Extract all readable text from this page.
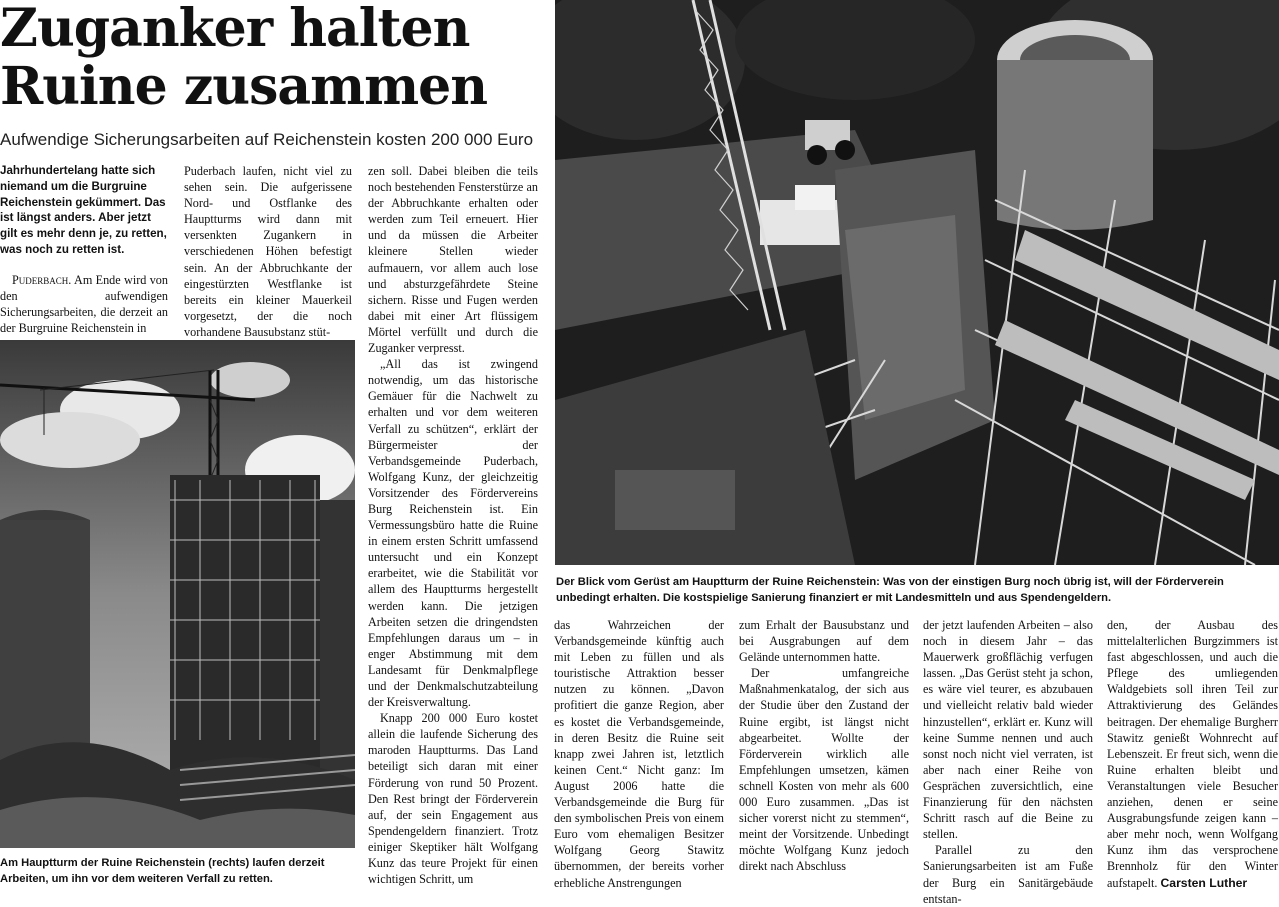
Zuganker halten
Ruine zusammen

Aufwendige Sicherungsarbeiten auf Reichenstein kosten 200 000 Euro

Jahrhundertelang hatte sich niemand um die Burgruine Reichenstein gekümmert. Das ist längst anders. Aber jetzt gilt es mehr denn je, zu retten, was noch zu retten ist.

Puderbach. Am Ende wird von den aufwendigen Sicherungsarbeiten, die derzeit an der Burgruine Reichenstein in

Puderbach laufen, nicht viel zu sehen sein. Die aufgerissene Nord- und Ostflanke des Hauptturms wird dann mit versenkten Zugankern in verschiedenen Höhen befestigt sein. An der Abbruchkante der eingestürzten Westflanke ist bereits ein kleiner Mauerkeil vorgesetzt, der die noch vorhandene Bausubstanz stüt-

zen soll. Dabei bleiben die teils noch bestehenden Fensterstürze an der Abbruchkante erhalten oder werden zum Teil erneuert. Hier und da müssen die Arbeiter kleinere Stellen wieder aufmauern, vor allem auch lose und absturzgefährdete Steine sichern. Risse und Fugen werden dabei mit einer Art flüssigem Mörtel verfüllt und durch die Zuganker verpresst.

„All das ist zwingend notwendig, um das historische Gemäuer für die Nachwelt zu erhalten und vor dem weiteren Verfall zu schützen“, erklärt der Bürgermeister der Verbandsgemeinde Puderbach, Wolfgang Kunz, der gleichzeitig Vorsitzender des Fördervereins Burg Reichenstein ist. Ein Vermessungsbüro hatte die Ruine in einem ersten Schritt umfassend untersucht und ein Konzept erarbeitet, wie die Stabilität vor allem des Hauptturms hergestellt werden kann. Die jetzigen Arbeiten setzen die dringendsten Empfehlungen daraus um – in enger Abstimmung mit dem Landesamt für Denkmalpflege und der Denkmalschutzabteilung der Kreisverwaltung.

Knapp 200 000 Euro kostet allein die laufende Sicherung des maroden Hauptturms. Das Land beteiligt sich daran mit einer Förderung von rund 50 Prozent. Den Rest bringt der Förderverein auf, der sein Engagement aus Spendengeldern finanziert. Trotz einiger Skeptiker hält Wolfgang Kunz das teure Projekt für einen wichtigen Schritt, um

Am Hauptturm der Ruine Reichenstein (rechts) laufen derzeit Arbeiten, um ihn vor dem weiteren Verfall zu retten.

Der Blick vom Gerüst am Hauptturm der Ruine Reichenstein: Was von der einstigen Burg noch übrig ist, will der Förderverein unbedingt erhalten. Die kostspielige Sanierung finanziert er mit Landesmitteln und aus Spendengeldern.

das Wahrzeichen der Verbandsgemeinde künftig auch mit Leben zu füllen und als touristische Attraktion besser nutzen zu können. „Davon profitiert die ganze Region, aber es kostet die Verbandsgemeinde, in deren Besitz die Ruine seit knapp zwei Jahren ist, letztlich keinen Cent.“ Nicht ganz: Im August 2006 hatte die Verbandsgemeinde die Burg für den symbolischen Preis von einem Euro vom ehemaligen Besitzer Wolfgang Georg Stawitz übernommen, der bereits vorher erhebliche Anstrengungen

zum Erhalt der Bausubstanz und bei Ausgrabungen auf dem Gelände unternommen hatte.

Der umfangreiche Maßnahmenkatalog, der sich aus der Studie über den Zustand der Ruine ergibt, ist längst nicht abgearbeitet. Wollte der Förderverein wirklich alle Empfehlungen umsetzen, kämen schnell Kosten von mehr als 600 000 Euro zusammen. „Das ist sicher vorerst nicht zu stemmen“, meint der Vorsitzende. Unbedingt möchte Wolfgang Kunz jedoch direkt nach Abschluss

der jetzt laufenden Arbeiten – also noch in diesem Jahr – das Mauerwerk großflächig verfugen lassen. „Das Gerüst steht ja schon, es wäre viel teurer, es abzubauen und vielleicht relativ bald wieder hinzustellen“, erklärt er. Kunz will keine Summe nennen und auch sonst noch nicht viel verraten, ist aber nach einer Reihe von Gesprächen zuversichtlich, eine Finanzierung für den nächsten Schritt rasch auf die Beine zu stellen.

Parallel zu den Sanierungsarbeiten ist am Fuße der Burg ein Sanitärgebäude entstan-

den, der Ausbau des mittelalterlichen Burgzimmers ist fast abgeschlossen, und auch die Pflege des umliegenden Waldgebiets soll ihren Teil zur Attraktivierung des Geländes beitragen. Der ehemalige Burgherr Stawitz genießt Wohnrecht auf Lebenszeit. Er freut sich, wenn die Ruine erhalten bleibt und Veranstaltungen viele Besucher anziehen, denen er seine Ausgrabungsfunde zeigen kann – aber mehr noch, wenn Wolfgang Kunz ihm das versprochene Brennholz für den Winter aufstapelt. Carsten Luther
